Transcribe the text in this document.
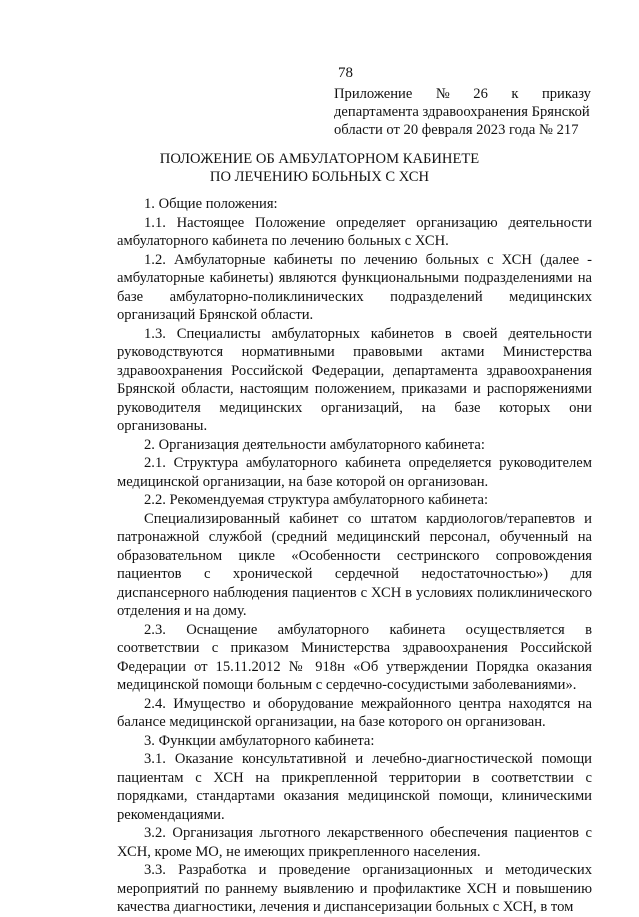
78
Приложение № 26 к приказу
департамента здравоохранения Брянской
области от 20 февраля 2023 года № 217
ПОЛОЖЕНИЕ ОБ АМБУЛАТОРНОМ КАБИНЕТЕ
ПО ЛЕЧЕНИЮ БОЛЬНЫХ С ХСН

1. Общие положения:

1.1. Настоящее Положение определяет организацию деятельности амбулаторного кабинета по лечению больных с ХСН.

1.2. Амбулаторные кабинеты по лечению больных с ХСН (далее - амбулаторные кабинеты) являются функциональными подразделениями на базе амбулаторно-поликлинических подразделений медицинских организаций Брянской области.

1.3. Специалисты амбулаторных кабинетов в своей деятельности руководствуются нормативными правовыми актами Министерства здравоохранения Российской Федерации, департамента здравоохранения Брянской области, настоящим положением, приказами и распоряжениями руководителя медицинских организаций, на базе которых они организованы.

2. Организация деятельности амбулаторного кабинета:

2.1. Структура амбулаторного кабинета определяется руководителем медицинской организации, на базе которой он организован.

2.2. Рекомендуемая структура амбулаторного кабинета:

Специализированный кабинет со штатом кардиологов/терапевтов и патронажной службой (средний медицинский персонал, обученный на образовательном цикле «Особенности сестринского сопровождения пациентов с хронической сердечной недостаточностью») для диспансерного наблюдения пациентов с ХСН в условиях поликлинического отделения и на дому.

2.3. Оснащение амбулаторного кабинета осуществляется в соответствии с приказом Министерства здравоохранения Российской Федерации от 15.11.2012 № 918н «Об утверждении Порядка оказания медицинской помощи больным с сердечно-сосудистыми заболеваниями».

2.4. Имущество и оборудование межрайонного центра находятся на балансе медицинской организации, на базе которого он организован.

3. Функции амбулаторного кабинета:

3.1. Оказание консультативной и лечебно-диагностической помощи пациентам с ХСН на прикрепленной территории в соответствии с порядками, стандартами оказания медицинской помощи, клиническими рекомендациями.

3.2. Организация льготного лекарственного обеспечения пациентов с ХСН, кроме МО, не имеющих прикрепленного населения.

3.3. Разработка и проведение организационных и методических мероприятий по раннему выявлению и профилактике ХСН и повышению качества диагностики, лечения и диспансеризации больных с ХСН, в том
